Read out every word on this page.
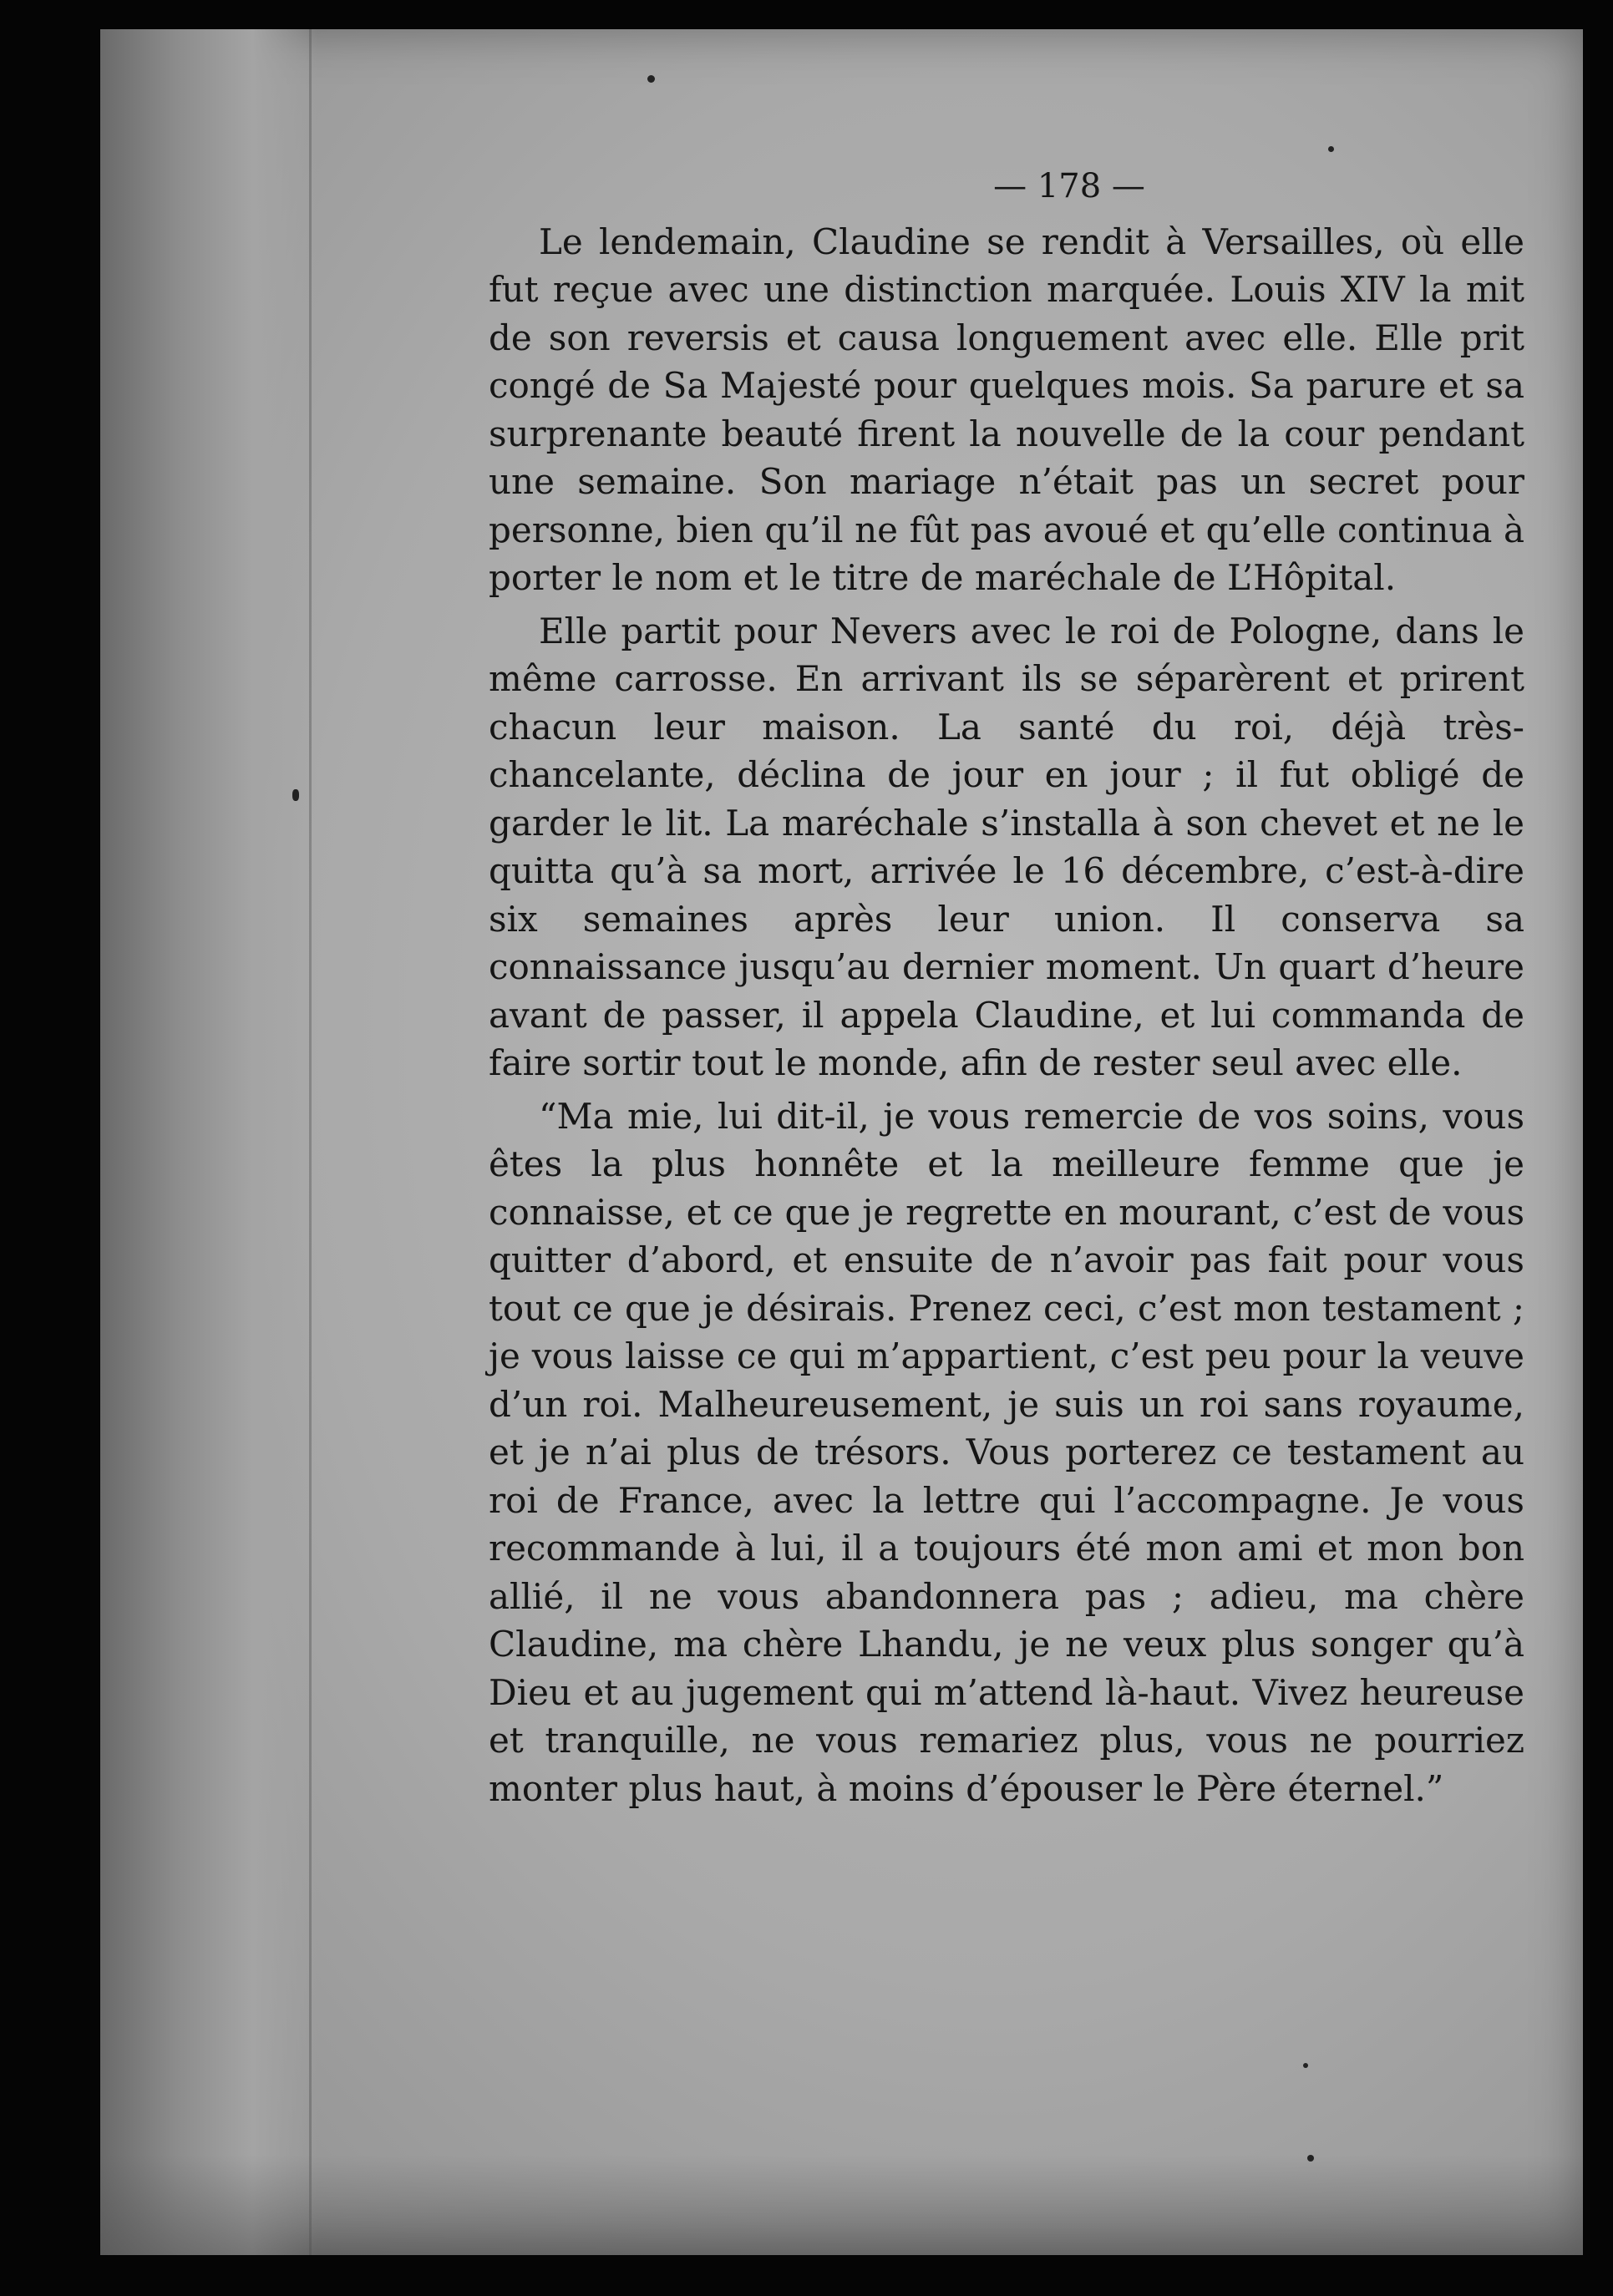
— 178 —

Le lendemain, Claudine se rendit à Versailles, où elle fut reçue avec une distinction marquée. Louis XIV la mit de son reversis et causa longuement avec elle. Elle prit congé de Sa Majesté pour quelques mois. Sa parure et sa surprenante beauté firent la nouvelle de la cour pendant une semaine. Son mariage n’était pas un secret pour personne, bien qu’il ne fût pas avoué et qu’elle continua à porter le nom et le titre de maréchale de L’Hôpital.

Elle partit pour Nevers avec le roi de Pologne, dans le même carrosse. En arrivant ils se séparèrent et prirent chacun leur maison. La santé du roi, déjà très-chancelante, déclina de jour en jour ; il fut obligé de garder le lit. La maréchale s’installa à son chevet et ne le quitta qu’à sa mort, arrivée le 16 décembre, c’est-à-dire six semaines après leur union. Il conserva sa connaissance jusqu’au dernier moment. Un quart d’heure avant de passer, il appela Claudine, et lui commanda de faire sortir tout le monde, afin de rester seul avec elle.

“Ma mie, lui dit-il, je vous remercie de vos soins, vous êtes la plus honnête et la meilleure femme que je connaisse, et ce que je regrette en mourant, c’est de vous quitter d’abord, et ensuite de n’avoir pas fait pour vous tout ce que je désirais. Prenez ceci, c’est mon testament ; je vous laisse ce qui m’appartient, c’est peu pour la veuve d’un roi. Malheureusement, je suis un roi sans royaume, et je n’ai plus de trésors. Vous porterez ce testament au roi de France, avec la lettre qui l’accompagne. Je vous recommande à lui, il a toujours été mon ami et mon bon allié, il ne vous abandonnera pas ; adieu, ma chère Claudine, ma chère Lhandu, je ne veux plus songer qu’à Dieu et au jugement qui m’attend là-haut. Vivez heureuse et tranquille, ne vous remariez plus, vous ne pourriez monter plus haut, à moins d’épouser le Père éternel.”
